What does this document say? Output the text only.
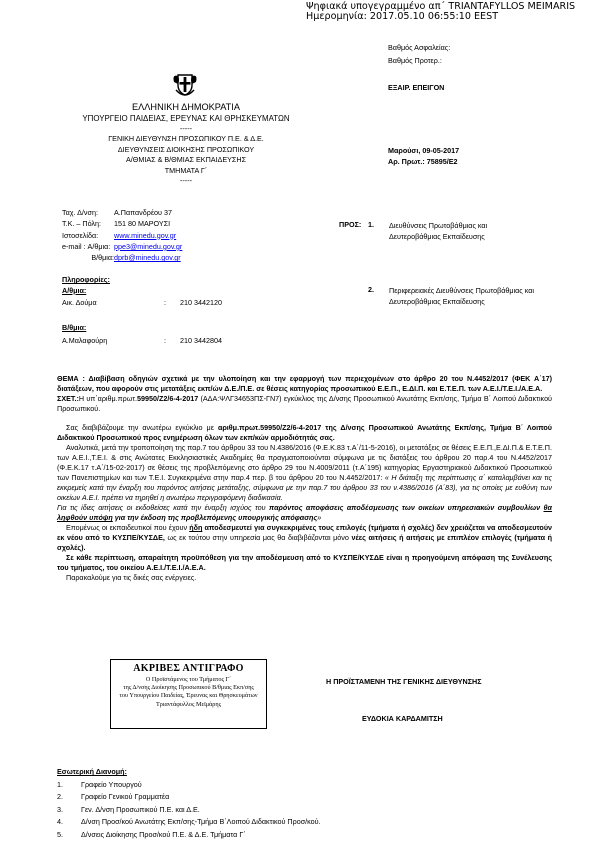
Ψηφιακά υπογεγραμμένο απ΄ TRIANTAFYLLOS MEIMARIS
Ημερομηνία: 2017.05.10 06:55:10 EEST
Βαθμός Ασφαλείας:
Βαθμός Προτερ.:
ΕΞΑΙΡ. ΕΠΕΙΓΟΝ
ΕΛΛΗΝΙΚΗ ΔΗΜΟΚΡΑΤΙΑ
ΥΠΟΥΡΓΕΙΟ ΠΑΙΔΕΙΑΣ, ΕΡΕΥΝΑΣ ΚΑΙ ΘΡΗΣΚΕΥΜΑΤΩΝ
-----
ΓΕΝΙΚΗ ΔΙΕΥΘΥΝΣΗ ΠΡΟΣΩΠΙΚΟΥ Π.Ε. & Δ.Ε.
ΔΙΕΥΘΥΝΣΕΙΣ ΔΙΟΙΚΗΣΗΣ ΠΡΟΣΩΠΙΚΟΥ
Α/ΘΜΙΑΣ & Β/ΘΜΙΑΣ ΕΚΠΑΙΔΕΥΣΗΣ
ΤΜΗΜΑΤΑ Γ΄
-----
Μαρούσι, 09-05-2017
Αρ. Πρωτ.: 75895/Ε2
Ταχ. Δ/νση: Α.Παπανδρέου 37
Τ.Κ. – Πόλη: 151 80 ΜΑΡΟΥΣΙ
Ιστοσελίδα: www.minedu.gov.gr
e-mail : Α/θμια: ppe3@minedu.gov.gr
Β/θμια:dprb@minedu.gov.gr
Πληροφορίες:
Α/θμια:
Αικ. Δούμα	: 210 3442120
Β/θμια:
Α.Μαλαφούρη	: 210 3442804
ΠΡΟΣ: 1. Διευθύνσεις Πρωτοβάθμιας και Δευτεροβάθμιας Εκπαίδευσης
2. Περιφερειακές Διευθύνσεις Πρωτοβάθμιας και Δευτεροβάθμιας Εκπαίδευσης

ΘΕΜΑ : Διαβίβαση οδηγιών σχετικά με την υλοποίηση και την εφαρμογή των περιεχομένων στο άρθρο 20 του Ν.4452/2017 (ΦΕΚ Α΄17) διατάξεων, που αφορούν στις μετατάξεις εκπ/ών Δ.Ε./Π.Ε. σε θέσεις κατηγορίας προσωπικού Ε.Ε.Π., Ε.ΔΙ.Π. και Ε.Τ.Ε.Π. των Α.Ε.Ι./Τ.Ε.Ι./Α.Ε.Α.

ΣΧΕΤ.:Η υπ΄αριθμ.πρωτ.59950/Ζ2/6-4-2017 (ΑΔΑ:ΨΛΓ34653ΠΣ-ΓΝ7) εγκύκλιος της Δ/νσης Προσωπικού Ανωτάτης Εκπ/σης, Τμήμα Β΄ Λοιπού Διδακτικού Προσωπικού.

Σας διαβιβάζουμε την ανωτέρω εγκύκλιο με αριθμ.πρωτ.59950/Ζ2/6-4-2017 της Δ/νσης Προσωπικού Ανωτάτης Εκπ/σης, Τμήμα Β΄ Λοιπού Διδακτικού Προσωπικού προς ενημέρωση όλων των εκπ/κών αρμοδιότητάς σας.

Αναλυτικά, μετά την τροποποίηση της παρ.7 του άρθρου 33 του Ν.4386/2016 (Φ.Ε.Κ.83 τ.Α΄/11-5-2016), οι μετατάξεις σε θέσεις Ε.Ε.Π.,Ε.ΔΙ.Π.& Ε.Τ.Ε.Π. των Α.Ε.Ι.,Τ.Ε.Ι. & στις Ανώτατες Εκκλησιαστικές Ακαδημίες θα πραγματοποιούνται σύμφωνα με τις διατάξεις του άρθρου 20 παρ.4 του Ν.4452/2017 (Φ.Ε.Κ.17 τ.Α΄/15-02-2017) σε θέσεις της προβλεπόμενης στο άρθρο 29 του Ν.4009/2011 (τ.Α΄195) κατηγορίας Εργαστηριακού Διδακτικού Προσωπικού των Πανεπιστημίων και των Τ.Ε.Ι. Συγκεκριμένα στην παρ.4 περ. β του άρθρου 20 του Ν.4452/2017: « Η διάταξη της περίπτωσης α΄ καταλαμβάνει και τις εκκρεμείς κατά την έναρξη του παρόντος αιτήσεις μετάταξης, σύμφωνα με την παρ.7 του άρθρου 33 του ν.4386/2016 (Α΄83), για τις οποίες με ευθύνη των οικείων Α.Ε.Ι. πρέπει να τηρηθεί η ανωτέρω περιγραφόμενη διαδικασία.

Για τις ίδιες αιτήσεις οι εκδοθείσες κατά την έναρξη ισχύος του παρόντος αποφάσεις αποδέσμευσης των οικείων υπηρεσιακών συμβουλίων θα ληφθούν υπόψη για την έκδοση της προβλεπόμενης υπουργικής απόφασης»

Επομένως οι εκπαιδευτικοί που έχουν ήδη αποδεσμευτεί για συγκεκριμένες τους επιλογές (τμήματα ή σχολές) δεν χρειάζεται να αποδεσμευτούν εκ νέου από το ΚΥΣΠΕ/ΚΥΣΔΕ, ως εκ τούτου στην υπηρεσία μας θα διαβιβάζονται μόνο νέες αιτήσεις ή αιτήσεις με επιπλέον επιλογές (τμήματα ή σχολές).

Σε κάθε περίπτωση, απαραίτητη προϋπόθεση για την αποδέσμευση από το ΚΥΣΠΕ/ΚΥΣΔΕ είναι η προηγούμενη απόφαση της Συνέλευσης του τμήματος, του οικείου Α.Ε.Ι./Τ.Ε.Ι./Α.Ε.Α.

Παρακαλούμε για τις δικές σας ενέργειες.

ΑΚΡΙΒΕΣ ΑΝΤΙΓΡΑΦΟ
Ο Προϊστάμενος του Τμήματος Γ΄
της Δ/νσης Διοίκησης Προσωπικού Β/θμιας Εκπ/σης
του Υπουργείου Παιδείας, Έρευνας και Θρησκευμάτων
Τριαντάφυλλος Μεϊμάρης
Η ΠΡΟΪΣΤΑΜΕΝΗ ΤΗΣ ΓΕΝΙΚΗΣ ΔΙΕΥΘΥΝΣΗΣ
ΕΥΔΟΚΙΑ ΚΑΡΔΑΜΙΤΣΗ
Εσωτερική Διανομή:
1.	Γραφείο Υπουργού
2.	Γραφείο Γενικού Γραμματέα
3.	Γεν. Δ/νση Προσωπικού Π.Ε. και Δ.Ε.
4.	Δ/νση Προσ/κού Ανωτάτης Εκπ/σης-Τμήμα Β΄Λοιπού Διδακτικού Προσ/κού.
5.	Δ/νσεις Διοίκησης Προσ/κού Π.Ε. & Δ.Ε. Τμήματα Γ΄
